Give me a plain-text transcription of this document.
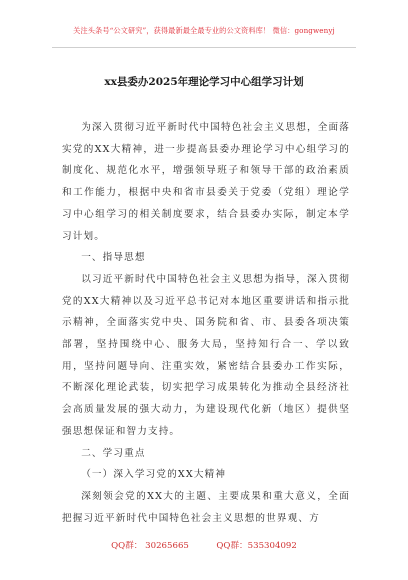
关注头条号“公文研究”，获得最新最全最专业的公文资料库！ 微信：gongwenyj
xx县委办2025年理论学习中心组学习计划

为深入贯彻习近平新时代中国特色社会主义思想，全面落实党的XX大精神，进一步提高县委办理论学习中心组学习的制度化、规范化水平，增强领导班子和领导干部的政治素质和工作能力，根据中央和省市县委关于党委（党组）理论学习中心组学习的相关制度要求，结合县委办实际，制定本学习计划。

一、指导思想

以习近平新时代中国特色社会主义思想为指导，深入贯彻党的XX大精神以及习近平总书记对本地区重要讲话和指示批示精神，全面落实党中央、国务院和省、市、县委各项决策部署，坚持围绕中心、服务大局，坚持知行合一、学以致用，坚持问题导向、注重实效，紧密结合县委办工作实际，不断深化理论武装，切实把学习成果转化为推动全县经济社会高质量发展的强大动力，为建设现代化新（地区）提供坚强思想保证和智力支持。

二、学习重点

（一）深入学习党的XX大精神

深刻领会党的XX大的主题、主要成果和重大意义，全面把握习近平新时代中国特色社会主义思想的世界观、方

QQ群： 30265665	QQ群：535304092
